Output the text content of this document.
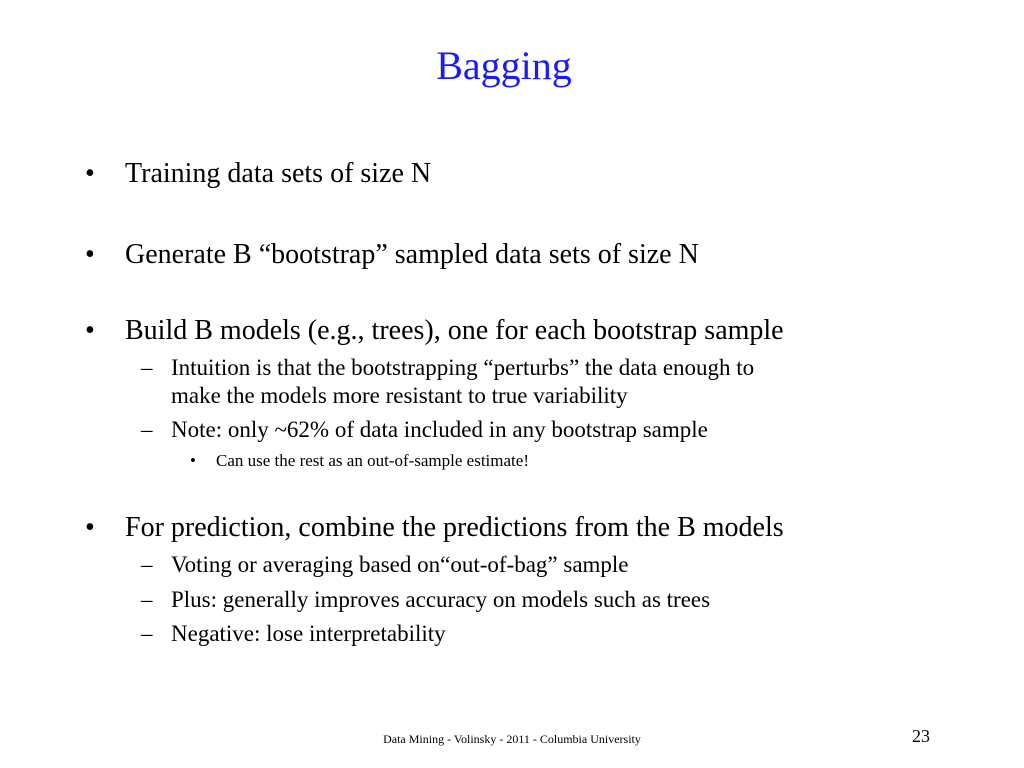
Bagging
• Training data sets of size N
• Generate B “bootstrap” sampled data sets of size N
• Build B models (e.g., trees), one for each bootstrap sample
– Intuition is that the bootstrapping “perturbs” the data enough to
make the models more resistant to true variability
– Note: only ~62% of data included in any bootstrap sample
• Can use the rest as an out-of-sample estimate!
• For prediction, combine the predictions from the B models
– Voting or averaging based on“out-of-bag” sample
– Plus: generally improves accuracy on models such as trees
– Negative: lose interpretability
Data Mining - Volinsky - 2011 - Columbia University	23
